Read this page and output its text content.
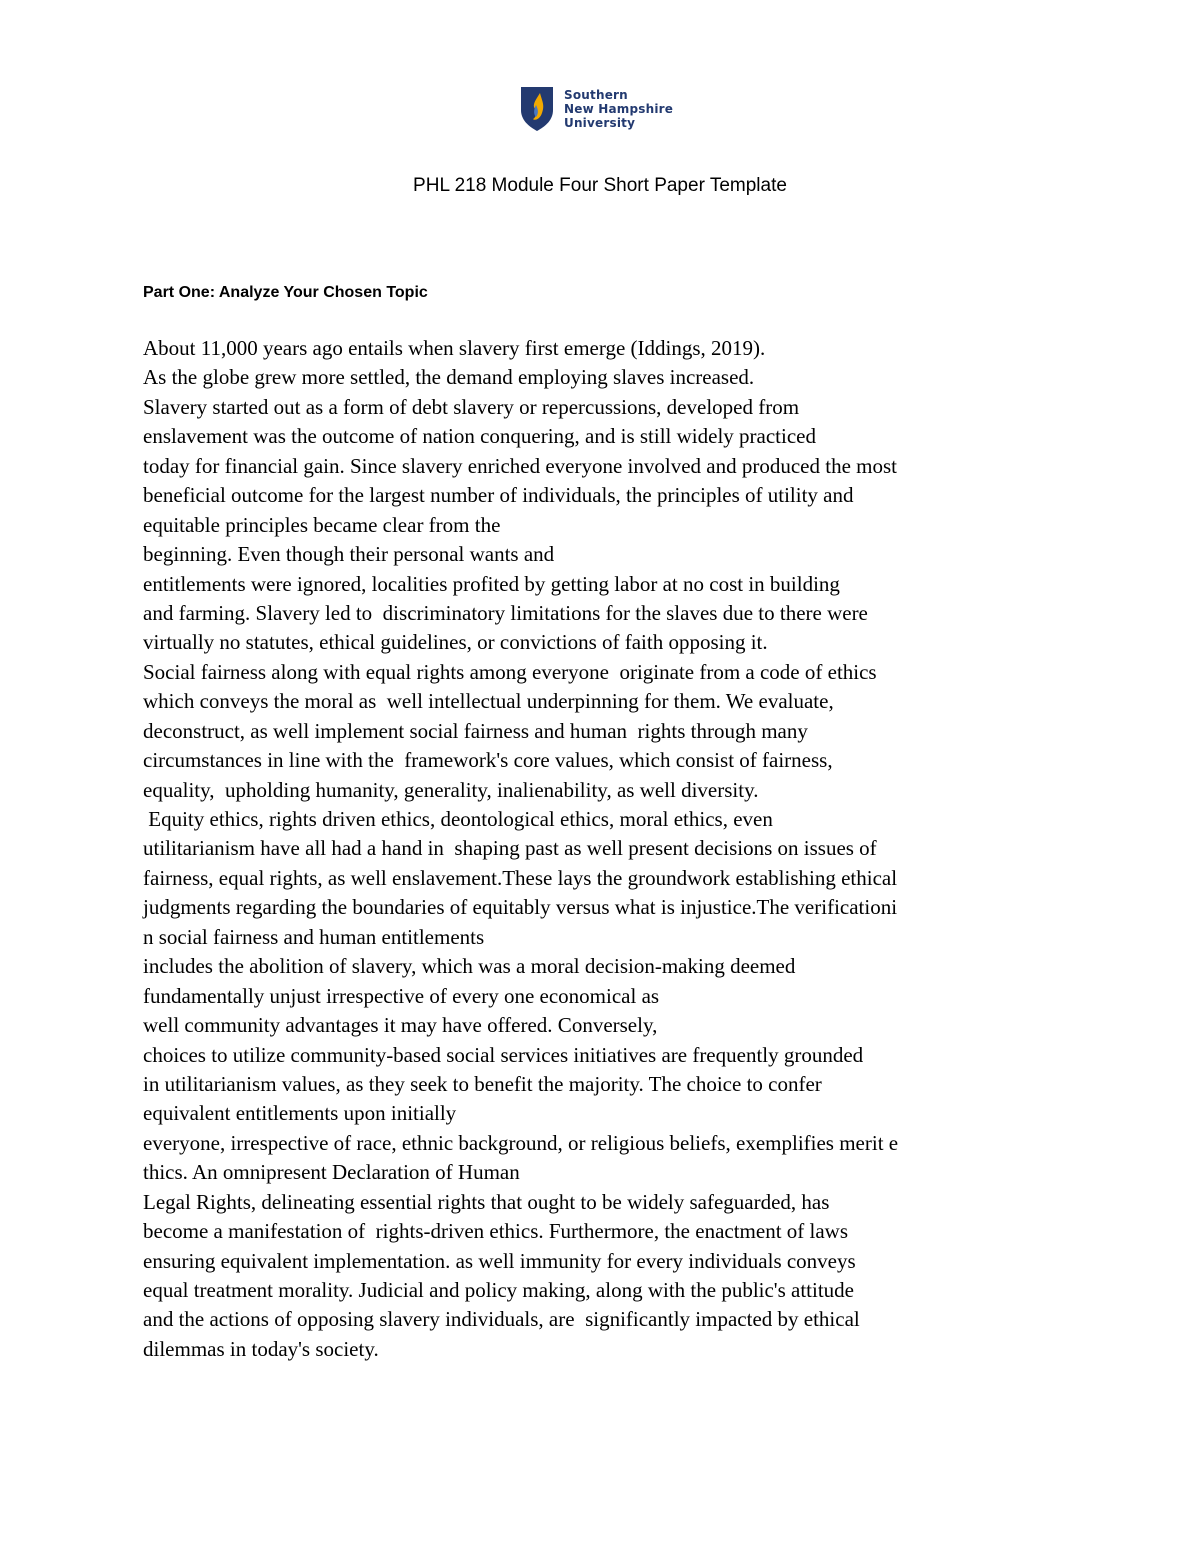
Southern
New Hampshire
University
PHL 218 Module Four Short Paper Template
Part One: Analyze Your Chosen Topic
About 11,000 years ago entails when slavery first emerge (Iddings, 2019).
As the globe grew more settled, the demand employing slaves increased.
Slavery started out as a form of debt slavery or repercussions, developed from
enslavement was the outcome of nation conquering, and is still widely practiced
today for financial gain. Since slavery enriched everyone involved and produced the most
beneficial outcome for the largest number of individuals, the principles of utility and
equitable principles became clear from the
beginning. Even though their personal wants and
entitlements were ignored, localities profited by getting labor at no cost in building
and farming. Slavery led to  discriminatory limitations for the slaves due to there were
virtually no statutes, ethical guidelines, or convictions of faith opposing it.
Social fairness along with equal rights among everyone  originate from a code of ethics
which conveys the moral as  well intellectual underpinning for them. We evaluate,
deconstruct, as well implement social fairness and human  rights through many
circumstances in line with the  framework's core values, which consist of fairness,
equality,  upholding humanity, generality, inalienability, as well diversity.
Equity ethics, rights driven ethics, deontological ethics, moral ethics, even
utilitarianism have all had a hand in  shaping past as well present decisions on issues of
fairness, equal rights, as well enslavement.These lays the groundwork establishing ethical
judgments regarding the boundaries of equitably versus what is injustice.The verificationi
n social fairness and human entitlements
includes the abolition of slavery, which was a moral decision-making deemed
fundamentally unjust irrespective of every one economical as
well community advantages it may have offered. Conversely,
choices to utilize community-based social services initiatives are frequently grounded
in utilitarianism values, as they seek to benefit the majority. The choice to confer
equivalent entitlements upon initially
everyone, irrespective of race, ethnic background, or religious beliefs, exemplifies merit e
thics. An omnipresent Declaration of Human
Legal Rights, delineating essential rights that ought to be widely safeguarded, has
become a manifestation of  rights-driven ethics. Furthermore, the enactment of laws
ensuring equivalent implementation. as well immunity for every individuals conveys
equal treatment morality. Judicial and policy making, along with the public's attitude
and the actions of opposing slavery individuals, are  significantly impacted by ethical
dilemmas in today's society.
